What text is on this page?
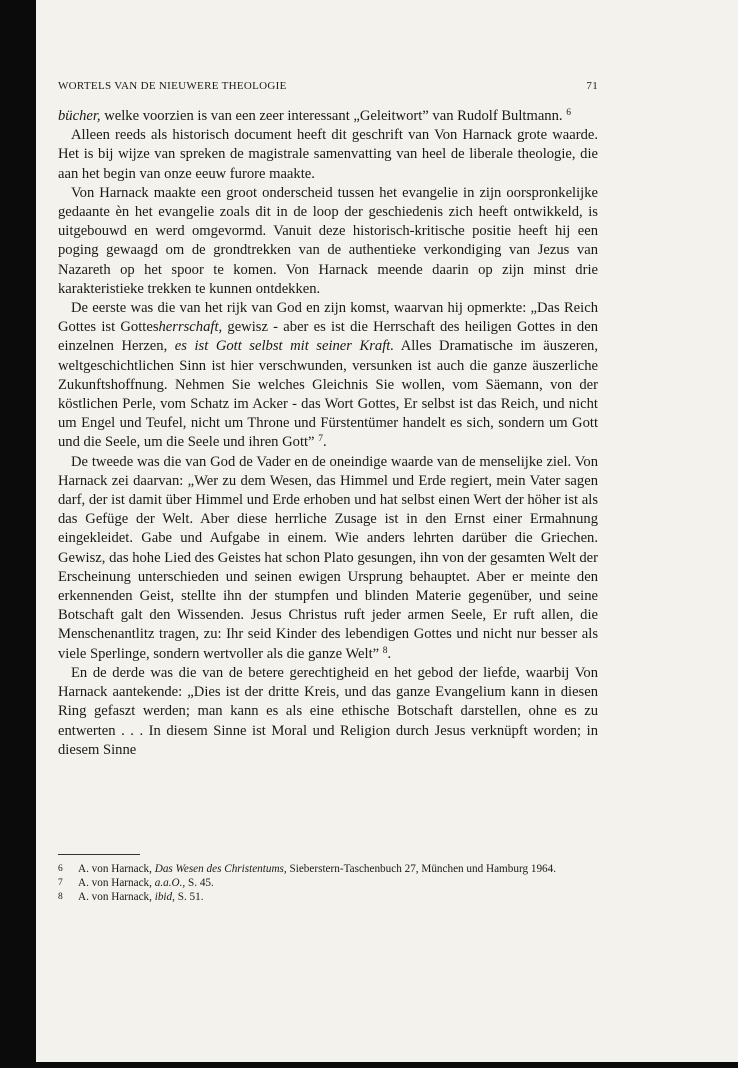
WORTELS VAN DE NIEUWERE THEOLOGIE	71

bücher, welke voorzien is van een zeer interessant „Geleitwort” van Rudolf Bultmann. $^6$

Alleen reeds als historisch document heeft dit geschrift van Von Harnack grote waarde. Het is bij wijze van spreken de magistrale samenvatting van heel de liberale theologie, die aan het begin van onze eeuw furore maakte.

Von Harnack maakte een groot onderscheid tussen het evangelie in zijn oorspronkelijke gedaante èn het evangelie zoals dit in de loop der geschiedenis zich heeft ontwikkeld, is uitgebouwd en werd omgevormd. Vanuit deze historisch-kritische positie heeft hij een poging gewaagd om de grondtrekken van de authentieke verkondiging van Jezus van Nazareth op het spoor te komen. Von Harnack meende daarin op zijn minst drie karakteristieke trekken te kunnen ontdekken.

De eerste was die van het rijk van God en zijn komst, waarvan hij opmerkte: „Das Reich Gottes ist Gottesherrschaft, gewisz - aber es ist die Herrschaft des heiligen Gottes in den einzelnen Herzen, es ist Gott selbst mit seiner Kraft. Alles Dramatische im äuszeren, weltgeschichtlichen Sinn ist hier verschwunden, versunken ist auch die ganze äuszerliche Zukunftshoffnung. Nehmen Sie welches Gleichnis Sie wollen, vom Säemann, von der köstlichen Perle, vom Schatz im Acker - das Wort Gottes, Er selbst ist das Reich, und nicht um Engel und Teufel, nicht um Throne und Fürstentümer handelt es sich, sondern um Gott und die Seele, um die Seele und ihren Gott” $^7$.

De tweede was die van God de Vader en de oneindige waarde van de menselijke ziel. Von Harnack zei daarvan: „Wer zu dem Wesen, das Himmel und Erde regiert, mein Vater sagen darf, der ist damit über Himmel und Erde erhoben und hat selbst einen Wert der höher ist als das Gefüge der Welt. Aber diese herrliche Zusage ist in den Ernst einer Ermahnung eingekleidet. Gabe und Aufgabe in einem. Wie anders lehrten darüber die Griechen. Gewisz, das hohe Lied des Geistes hat schon Plato gesungen, ihn von der gesamten Welt der Erscheinung unterschieden und seinen ewigen Ursprung behauptet. Aber er meinte den erkennenden Geist, stellte ihn der stumpfen und blinden Materie gegenüber, und seine Botschaft galt den Wissenden. Jesus Christus ruft jeder armen Seele, Er ruft allen, die Menschenantlitz tragen, zu: Ihr seid Kinder des lebendigen Gottes und nicht nur besser als viele Sperlinge, sondern wertvoller als die ganze Welt” $^8$.

En de derde was die van de betere gerechtigheid en het gebod der liefde, waarbij Von Harnack aantekende: „Dies ist der dritte Kreis, und das ganze Evangelium kann in diesen Ring gefaszt werden; man kann es als eine ethische Botschaft darstellen, ohne es zu entwerten . . . In diesem Sinne ist Moral und Religion durch Jesus verknüpft worden; in diesem Sinne

6 A. von Harnack, Das Wesen des Christentums, Sieberstern-Taschenbuch 27, München und Hamburg 1964.

7 A. von Harnack, a.a.O., S. 45.

8 A. von Harnack, ibid, S. 51.
